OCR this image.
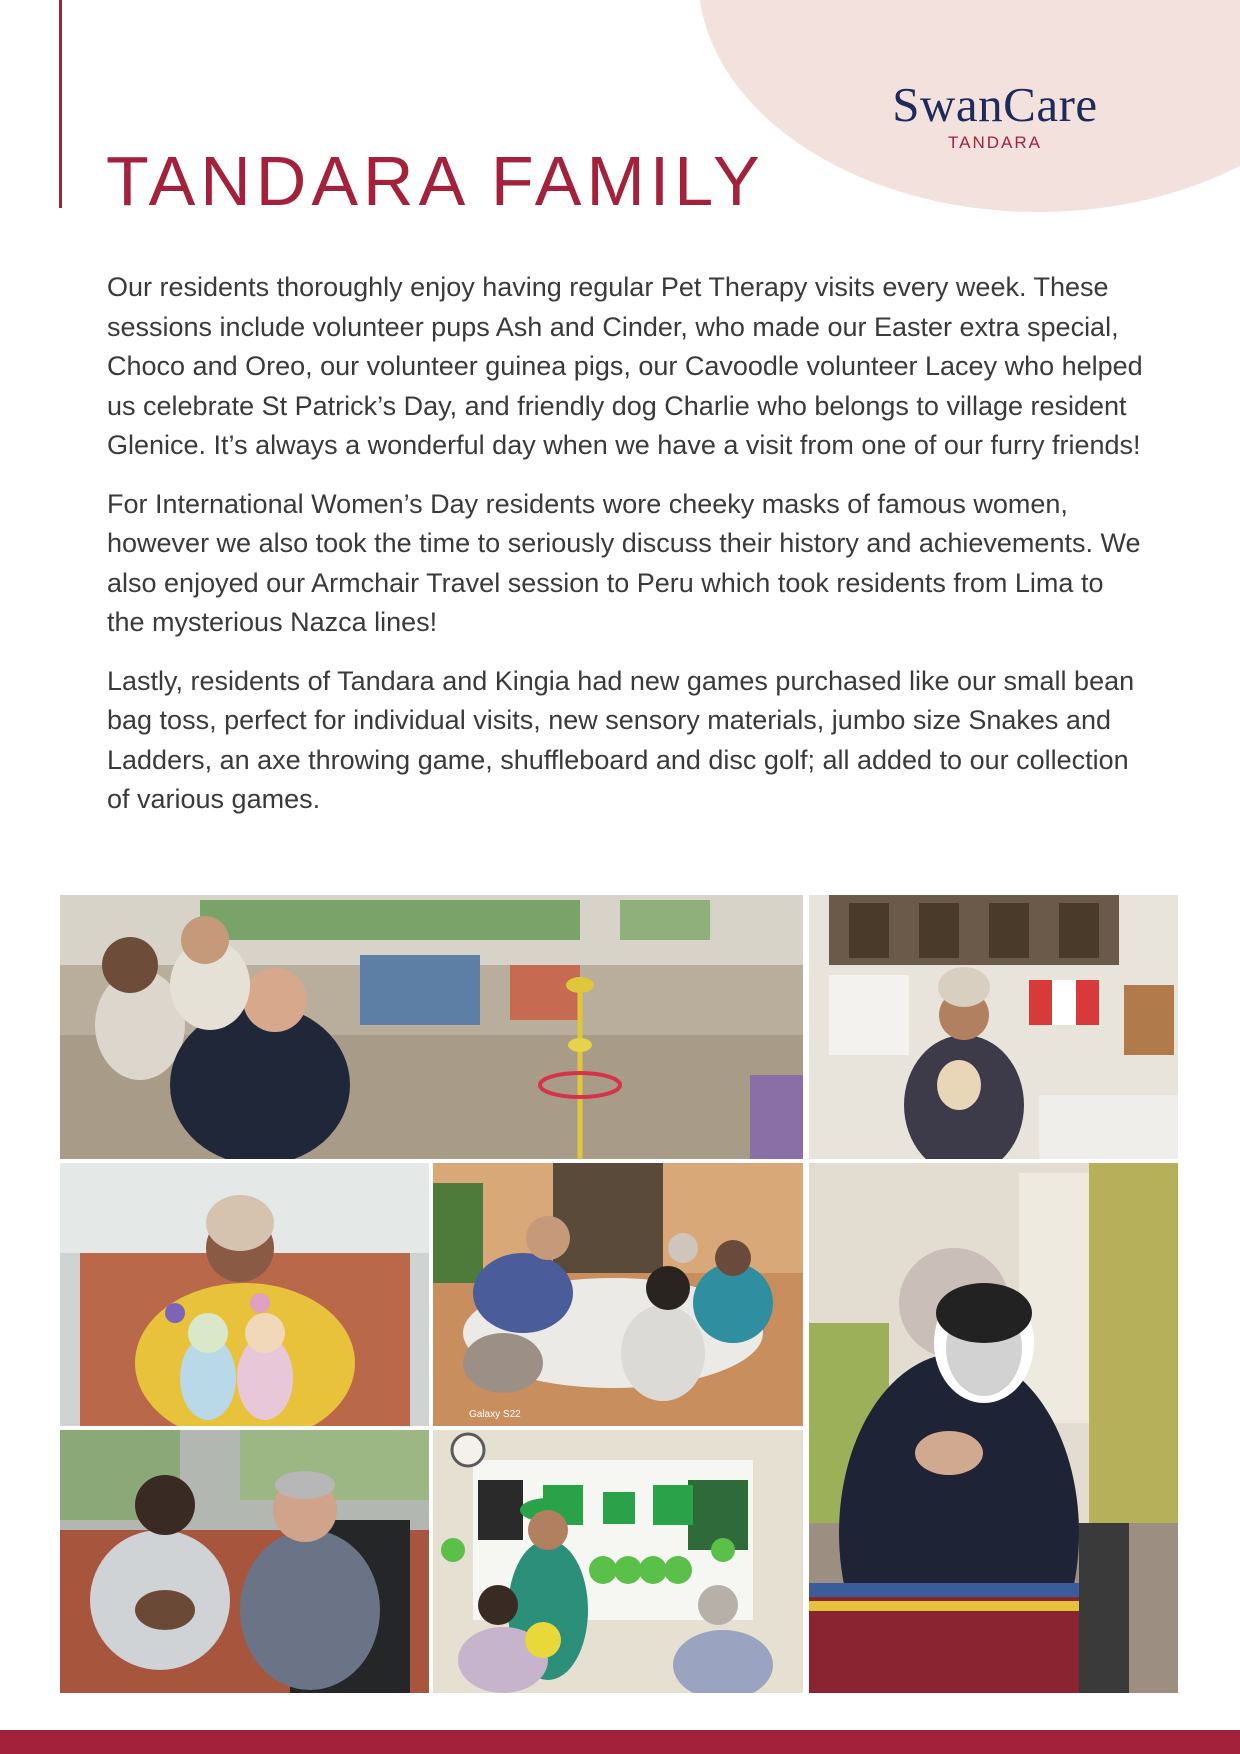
SwanCare
TANDARA
TANDARA FAMILY

Our residents thoroughly enjoy having regular Pet Therapy visits every week. These sessions include volunteer pups Ash and Cinder, who made our Easter extra special, Choco and Oreo, our volunteer guinea pigs, our Cavoodle volunteer Lacey who helped us celebrate St Patrick’s Day, and friendly dog Charlie who belongs to village resident Glenice. It’s always a wonderful day when we have a visit from one of our furry friends!

For International Women’s Day residents wore cheeky masks of famous women, however we also took the time to seriously discuss their history and achievements. We also enjoyed our Armchair Travel session to Peru which took residents from Lima to the mysterious Nazca lines!

Lastly, residents of Tandara and Kingia had new games purchased like our small bean bag toss, perfect for individual visits, new sensory materials, jumbo size Snakes and Ladders, an axe throwing game, shuffleboard and disc golf; all added to our collection of various games.

Galaxy S22
